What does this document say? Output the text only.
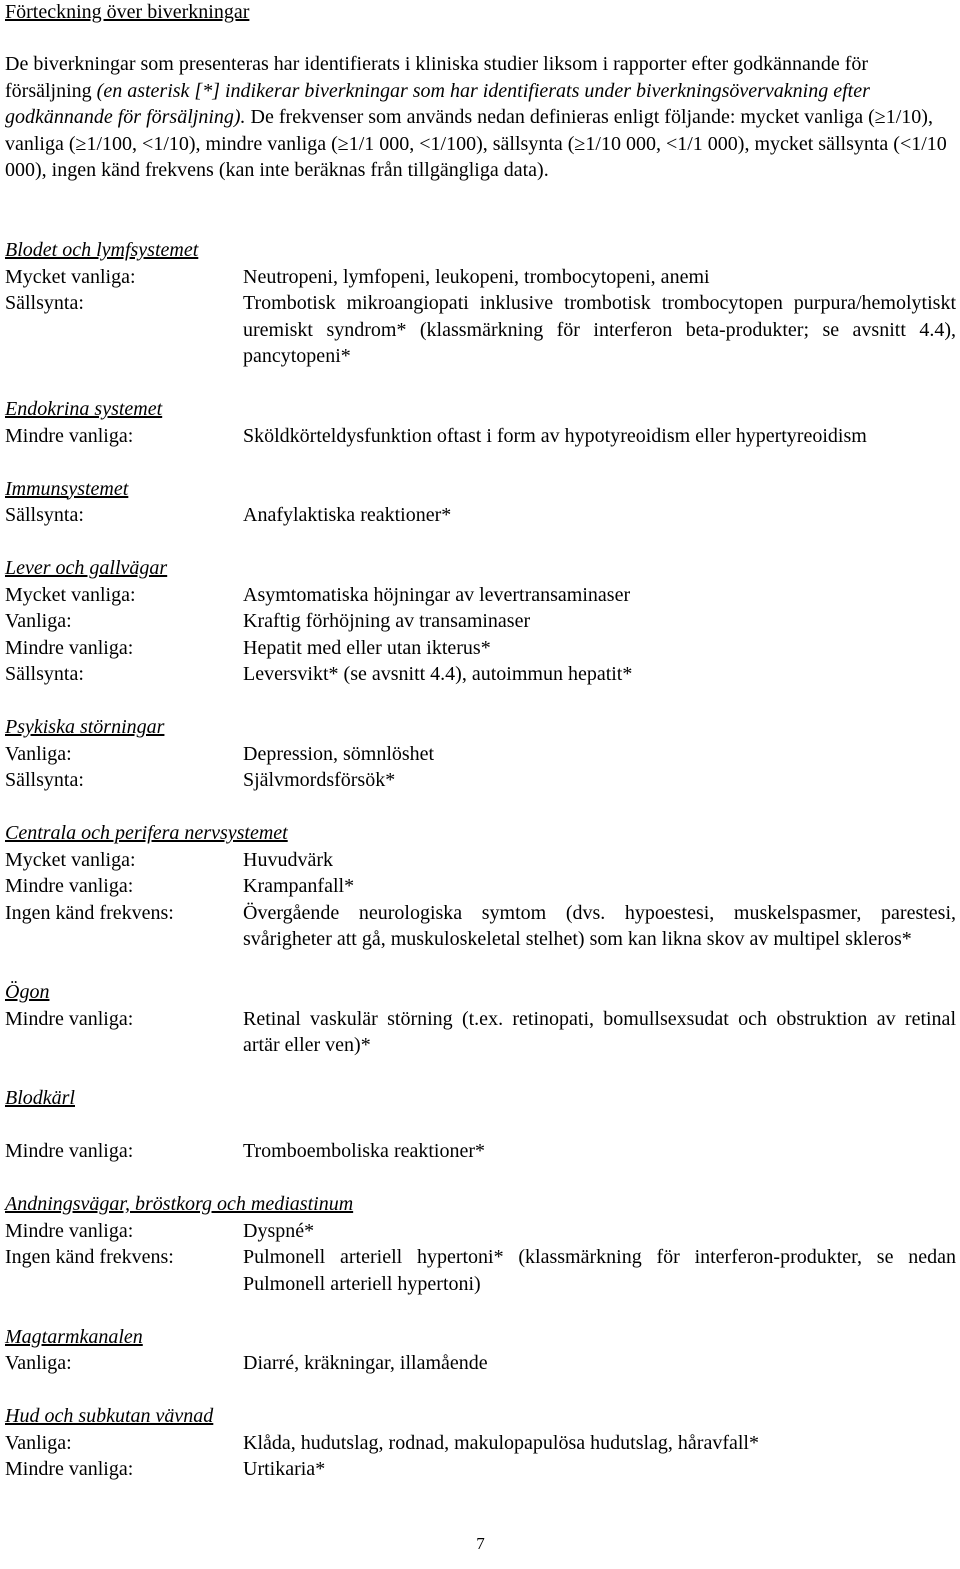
Förteckning över biverkningar

De biverkningar som presenteras har identifierats i kliniska studier liksom i rapporter efter godkännande för försäljning (en asterisk [*] indikerar biverkningar som har identifierats under biverkningsövervakning efter godkännande för försäljning). De frekvenser som används nedan definieras enligt följande: mycket vanliga (≥1/10), vanliga (≥1/100, <1/10), mindre vanliga (≥1/1 000, <1/100), sällsynta (≥1/10 000, <1/1 000), mycket sällsynta (<1/10 000), ingen känd frekvens (kan inte beräknas från tillgängliga data).

Blodet och lymfsystemet
Mycket vanliga:	Neutropeni, lymfopeni, leukopeni, trombocytopeni, anemi
Sällsynta:	Trombotisk mikroangiopati inklusive trombotisk trombocytopen purpura/hemolytiskt uremiskt syndrom* (klassmärkning för interferon beta-produkter; se avsnitt 4.4), pancytopeni*
Endokrina systemet
Mindre vanliga:	Sköldkörteldysfunktion oftast i form av hypotyreoidism eller hypertyreoidism
Immunsystemet
Sällsynta:	Anafylaktiska reaktioner*
Lever och gallvägar
Mycket vanliga:	Asymtomatiska höjningar av levertransaminaser
Vanliga:	Kraftig förhöjning av transaminaser
Mindre vanliga:	Hepatit med eller utan ikterus*
Sällsynta:	Leversvikt* (se avsnitt 4.4), autoimmun hepatit*
Psykiska störningar
Vanliga:	Depression, sömnlöshet
Sällsynta:	Självmordsförsök*
Centrala och perifera nervsystemet
Mycket vanliga:	Huvudvärk
Mindre vanliga:	Krampanfall*
Ingen känd frekvens:	Övergående neurologiska symtom (dvs. hypoestesi, muskelspasmer, parestesi, svårigheter att gå, muskuloskeletal stelhet) som kan likna skov av multipel skleros*
Ögon
Mindre vanliga:	Retinal vaskulär störning (t.ex. retinopati, bomullsexsudat och obstruktion av retinal artär eller ven)*
Blodkärl
Mindre vanliga:	Tromboemboliska reaktioner*
Andningsvägar, bröstkorg och mediastinum
Mindre vanliga:	Dyspné*
Ingen känd frekvens:	Pulmonell arteriell hypertoni* (klassmärkning för interferon-produkter, se nedan Pulmonell arteriell hypertoni)
Magtarmkanalen
Vanliga:	Diarré, kräkningar, illamående
Hud och subkutan vävnad
Vanliga:	Klåda, hudutslag, rodnad, makulopapulösa hudutslag, håravfall*
Mindre vanliga:	Urtikaria*
7
